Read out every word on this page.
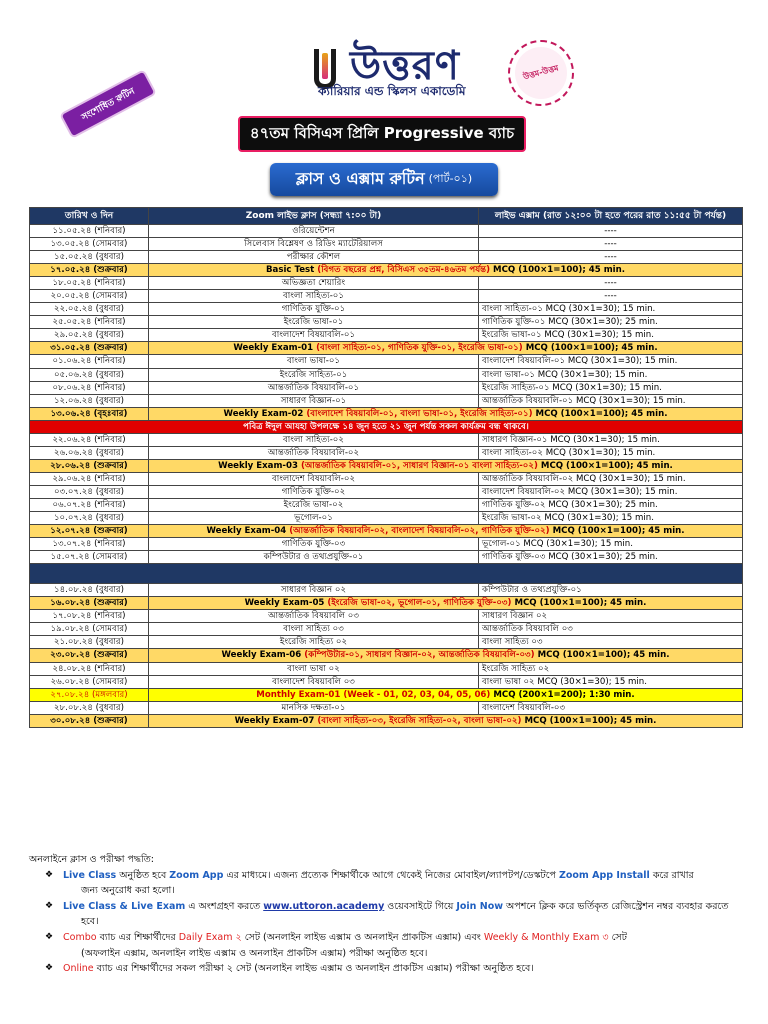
সংশোধিত রুটিন
উত্তরণ
ক্যারিয়ার এন্ড স্কিলস একাডেমি
উত্তম-উত্তম
৪৭তম বিসিএস প্রিলি Progressive ব্যাচ
ক্লাস ও এক্সাম রুটিন (পার্ট-০১)
তারিখ ও দিন	Zoom লাইভ ক্লাস (সন্ধ্যা ৭:০০ টা)	লাইভ এক্সাম (রাত ১২:০০ টা হতে পরের রাত ১১:৫৫ টা পর্যন্ত)
১১.০৫.২৪ (শনিবার)	ওরিয়েন্টেশন	----
১৩.০৫.২৪ (সোমবার)	সিলেবাস বিশ্লেষণ ও রিডিং ম্যাটেরিয়ালস	----
১৫.০৫.২৪ (বুধবার)	পরীক্ষার কৌশল	----
১৭.০৫.২৪ (শুক্রবার)	Basic Test (বিগত বছরের প্রশ্ন, বিসিএস ৩৫তম-৪৬তম পর্যন্ত) MCQ (100×1=100); 45 min.	
১৮.০৫.২৪ (শনিবার)	অভিজ্ঞতা শেয়ারিং	----
২০.০৫.২৪ (সোমবার)	বাংলা সাহিত্য-০১	----
২২.০৫.২৪ (বুধবার)	গাণিতিক যুক্তি-০১	বাংলা সাহিত্য-০১ MCQ (30×1=30); 15 min.
২৫.০৫.২৪ (শনিবার)	ইংরেজি ভাষা-০১	গাণিতিক যুক্তি-০১ MCQ (30×1=30); 25 min.
২৯.০৫.২৪ (বুধবার)	বাংলাদেশ বিষয়াবলি-০১	ইংরেজি ভাষা-০১ MCQ (30×1=30); 15 min.
৩১.০৫.২৪ (শুক্রবার)	Weekly Exam-01 (বাংলা সাহিত্য-০১, গাণিতিক যুক্তি-০১, ইংরেজি ভাষা-০১) MCQ (100×1=100); 45 min.	
০১.০৬.২৪ (শনিবার)	বাংলা ভাষা-০১	বাংলাদেশ বিষয়াবলি-০১ MCQ (30×1=30); 15 min.
০৫.০৬.২৪ (বুধবার)	ইংরেজি সাহিত্য-০১	বাংলা ভাষা-০১ MCQ (30×1=30); 15 min.
০৮.০৬.২৪ (শনিবার)	আন্তর্জাতিক বিষয়াবলি-০১	ইংরেজি সাহিত্য-০১ MCQ (30×1=30); 15 min.
১২.০৬.২৪ (বুধবার)	সাধারণ বিজ্ঞান-০১	আন্তর্জাতিক বিষয়াবলি-০১ MCQ (30×1=30); 15 min.
১৩.০৬.২৪ (বৃহঃবার)	Weekly Exam-02 (বাংলাদেশ বিষয়াবলি-০১, বাংলা ভাষা-০১, ইংরেজি সাহিত্য-০১) MCQ (100×1=100); 45 min.	
পবিত্র ঈদুল আযহা উপলক্ষে ১৪ জুন হতে ২১ জুন পর্যন্ত সকল কার্যক্রম বন্ধ থাকবে।		
২২.০৬.২৪ (শনিবার)	বাংলা সাহিত্য-০২	সাধারণ বিজ্ঞান-০১ MCQ (30×1=30); 15 min.
২৬.০৬.২৪ (বুধবার)	আন্তর্জাতিক বিষয়াবলি-০২	বাংলা সাহিত্য-০২ MCQ (30×1=30); 15 min.
২৮.০৬.২৪ (শুক্রবার)	Weekly Exam-03 (আন্তর্জাতিক বিষয়াবলি-০১, সাধারণ বিজ্ঞান-০১ বাংলা সাহিত্য-০২) MCQ (100×1=100); 45 min.	
২৯.০৬.২৪ (শনিবার)	বাংলাদেশ বিষয়াবলি-০২	আন্তর্জাতিক বিষয়াবলি-০২ MCQ (30×1=30); 15 min.
০৩.০৭.২৪ (বুধবার)	গাণিতিক যুক্তি-০২	বাংলাদেশ বিষয়াবলি-০২ MCQ (30×1=30); 15 min.
০৬.০৭.২৪ (শনিবার)	ইংরেজি ভাষা-০২	গাণিতিক যুক্তি-০২ MCQ (30×1=30); 25 min.
১০.০৭.২৪ (বুধবার)	ভূগোল-০১	ইংরেজি ভাষা-০২ MCQ (30×1=30); 15 min.
১২.০৭.২৪ (শুক্রবার)	Weekly Exam-04 (আন্তর্জাতিক বিষয়াবলি-০২, বাংলাদেশ বিষয়াবলি-০২, গাণিতিক যুক্তি-০২) MCQ (100×1=100); 45 min.	
১৩.০৭.২৪ (শনিবার)	গাণিতিক যুক্তি-০৩	ভূগোল-০১ MCQ (30×1=30); 15 min.
১৫.০৭.২৪ (সোমবার)	কম্পিউটার ও তথ্যপ্রযুক্তি-০১	গাণিতিক যুক্তি-০৩ MCQ (30×1=30); 25 min.

১৪.০৮.২৪ (বুধবার)	সাধারণ বিজ্ঞান ০২	কম্পিউটার ও তথ্যপ্রযুক্তি-০১
১৬.০৮.২৪ (শুক্রবার)	Weekly Exam-05 (ইংরেজি ভাষা-০২, ভূগোল-০১, গাণিতিক যুক্তি-০৩) MCQ (100×1=100); 45 min.	
১৭.০৮.২৪ (শনিবার)	আন্তর্জাতিক বিষয়াবলি ০৩	সাধারণ বিজ্ঞান ০২
১৯.০৮.২৪ (সোমবার)	বাংলা সাহিত্য ০৩	আন্তর্জাতিক বিষয়াবলি ০৩
২১.০৮.২৪ (বুধবার)	ইংরেজি সাহিত্য ০২	বাংলা সাহিত্য ০৩
২৩.০৮.২৪ (শুক্রবার)	Weekly Exam-06 (কম্পিউটার-০১, সাধারণ বিজ্ঞান-০২, আন্তর্জাতিক বিষয়াবলি-০৩) MCQ (100×1=100); 45 min.	
২৪.০৮.২৪ (শনিবার)	বাংলা ভাষা ০২	ইংরেজি সাহিত্য ০২
২৬.০৮.২৪ (সোমবার)	বাংলাদেশ বিষয়াবলি ০৩	বাংলা ভাষা ০২ MCQ (30×1=30); 15 min.
২৭.০৮.২৪ (মঙ্গলবার)	Monthly Exam-01 (Week - 01, 02, 03, 04, 05, 06) MCQ (200×1=200); 1:30 min.	
২৮.০৮.২৪ (বুধবার)	মানসিক দক্ষতা-০১	বাংলাদেশ বিষয়াবলি-০৩
৩০.০৮.২৪ (শুক্রবার)	Weekly Exam-07 (বাংলা সাহিত্য-০৩, ইংরেজি সাহিত্য-০২, বাংলা ভাষা-০২) MCQ (100×1=100); 45 min.	
অনলাইনে ক্লাস ও পরীক্ষা পদ্ধতি:
❖ Live Class অনুষ্ঠিত হবে Zoom App এর মাধ্যমে। এজন্য প্রত্যেক শিক্ষার্থীকে আগে থেকেই নিজের মোবাইল/ল্যাপটপ/ডেস্কটপে Zoom App Install করে রাখার
জন্য অনুরোধ করা হলো।
❖ Live Class & Live Exam এ অংশগ্রহণ করতে www.uttoron.academy ওয়েবসাইটে গিয়ে Join Now অপশনে ক্লিক করে ভর্তিকৃত রেজিস্ট্রেশন নম্বর ব্যবহার করতে
হবে।
❖ Combo ব্যাচ এর শিক্ষার্থীদের Daily Exam ২ সেট (অনলাইন লাইভ এক্সাম ও অনলাইন প্রাকটিস এক্সাম) এবং Weekly & Monthly Exam ৩ সেট
(অফলাইন এক্সাম, অনলাইন লাইভ এক্সাম ও অনলাইন প্রাকটিস এক্সাম) পরীক্ষা অনুষ্ঠিত হবে।
❖ Online ব্যাচ এর শিক্ষার্থীদের সকল পরীক্ষা ২ সেট (অনলাইন লাইভ এক্সাম ও অনলাইন প্রাকটিস এক্সাম) পরীক্ষা অনুষ্ঠিত হবে।
